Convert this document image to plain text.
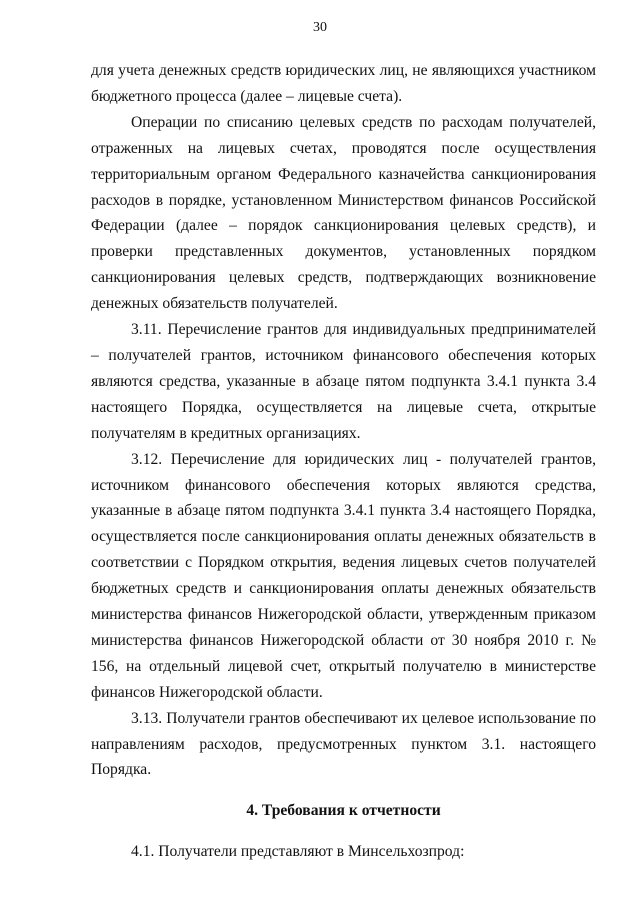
30

для учета денежных средств юридических лиц, не являющихся участником бюджетного процесса (далее – лицевые счета).

Операции по списанию целевых средств по расходам получателей, отраженных на лицевых счетах, проводятся после осуществления территориальным органом Федерального казначейства санкционирования расходов в порядке, установленном Министерством финансов Российской Федерации (далее – порядок санкционирования целевых средств), и проверки представленных документов, установленных порядком санкционирования целевых средств, подтверждающих возникновение денежных обязательств получателей.

3.11. Перечисление грантов для индивидуальных предпринимателей – получателей грантов, источником финансового обеспечения которых являются средства, указанные в абзаце пятом подпункта 3.4.1 пункта 3.4 настоящего Порядка, осуществляется на лицевые счета, открытые получателям в кредитных организациях.

3.12. Перечисление для юридических лиц - получателей грантов, источником финансового обеспечения которых являются средства, указанные в абзаце пятом подпункта 3.4.1 пункта 3.4 настоящего Порядка, осуществляется после санкционирования оплаты денежных обязательств в соответствии с Порядком открытия, ведения лицевых счетов получателей бюджетных средств и санкционирования оплаты денежных обязательств министерства финансов Нижегородской области, утвержденным приказом министерства финансов Нижегородской области от 30 ноября 2010 г. № 156, на отдельный лицевой счет, открытый получателю в министерстве финансов Нижегородской области.

3.13. Получатели грантов обеспечивают их целевое использование по направлениям расходов, предусмотренных пунктом 3.1. настоящего Порядка.

4. Требования к отчетности

4.1. Получатели представляют в Минсельхозпрод:
